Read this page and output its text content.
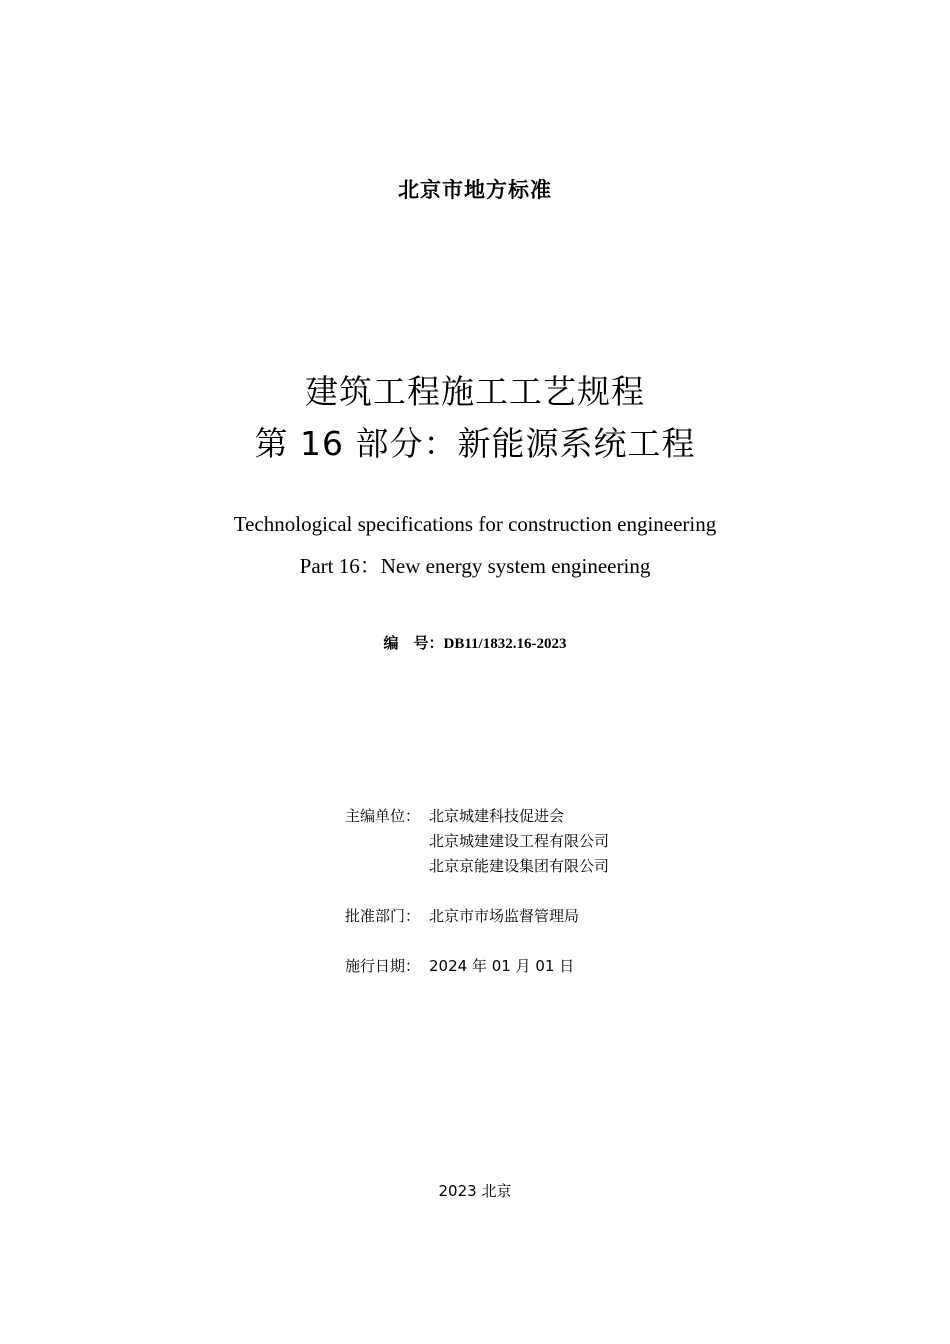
北京市地方标准
建筑工程施工工艺规程
第 16 部分：新能源系统工程
Technological specifications for construction engineering
Part 16：New energy system engineering
编　号：DB11/1832.16-2023
主编单位： 北京城建科技促进会
北京城建建设工程有限公司
北京京能建设集团有限公司
批准部门： 北京市市场监督管理局
施行日期： 2024 年 01 月 01 日
2023 北京
